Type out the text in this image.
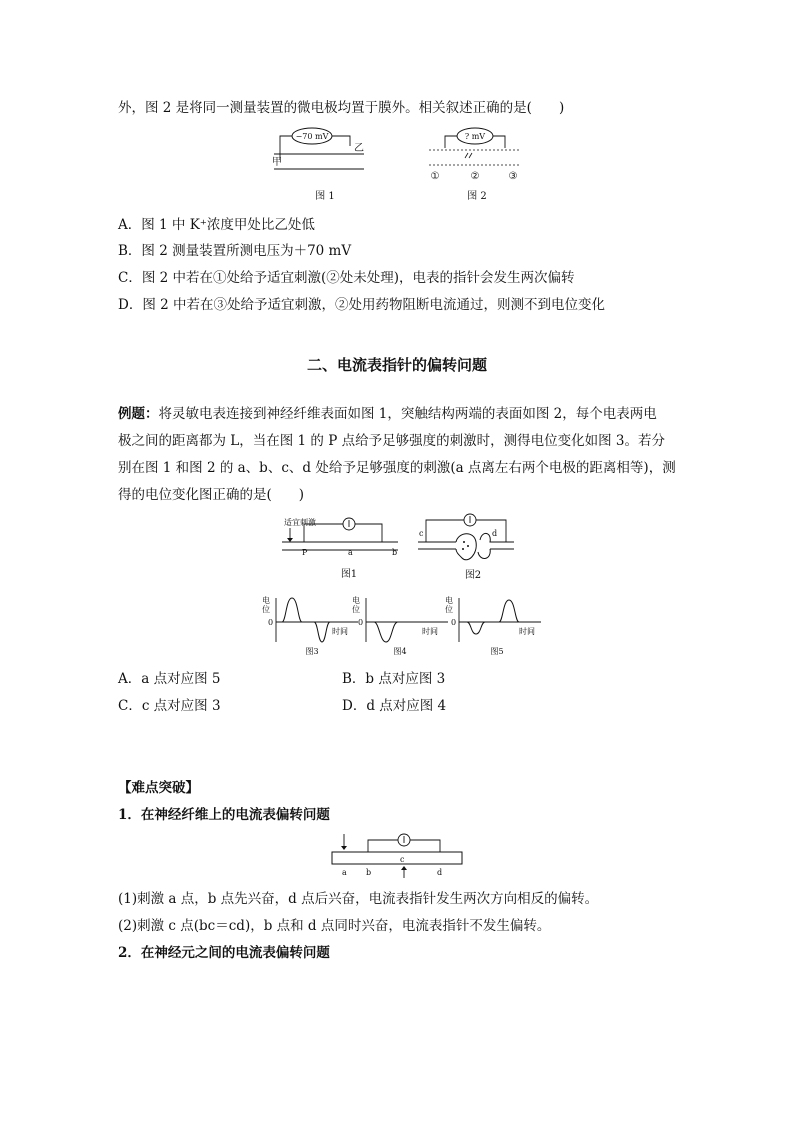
外，图 2 是将同一测量装置的微电极均置于膜外。相关叙述正确的是(　　)
−70 mV
甲
乙
图 1
? mV
①	②	③
图 2
A．图 1 中 K⁺浓度甲处比乙处低
B．图 2 测量装置所测电压为＋70 mV
C．图 2 中若在①处给予适宜刺激(②处未处理)，电表的指针会发生两次偏转
D．图 2 中若在③处给予适宜刺激，②处用药物阻断电流通过，则测不到电位变化
二、电流表指针的偏转问题
例题：将灵敏电表连接到神经纤维表面如图 1，突触结构两端的表面如图 2，每个电表两电
极之间的距离都为 L，当在图 1 的 P 点给予足够强度的刺激时，测得电位变化如图 3。若分
别在图 1 和图 2 的 a、b、c、d 处给予足够强度的刺激(a 点离左右两个电极的距离相等)，测
得的电位变化图正确的是(　　)
适宜刺激
P	a	b
图1
c	d
图2
电
位
0
时间
图3
电
位
0
时间
图4
电
位
0
时间
图5
A．a 点对应图 5	B．b 点对应图 3
C．c 点对应图 3	D．d 点对应图 4
【难点突破】
1．在神经纤维上的电流表偏转问题
c
a b	d
(1)刺激 a 点，b 点先兴奋，d 点后兴奋，电流表指针发生两次方向相反的偏转。
(2)刺激 c 点(bc＝cd)，b 点和 d 点同时兴奋，电流表指针不发生偏转。
2．在神经元之间的电流表偏转问题
